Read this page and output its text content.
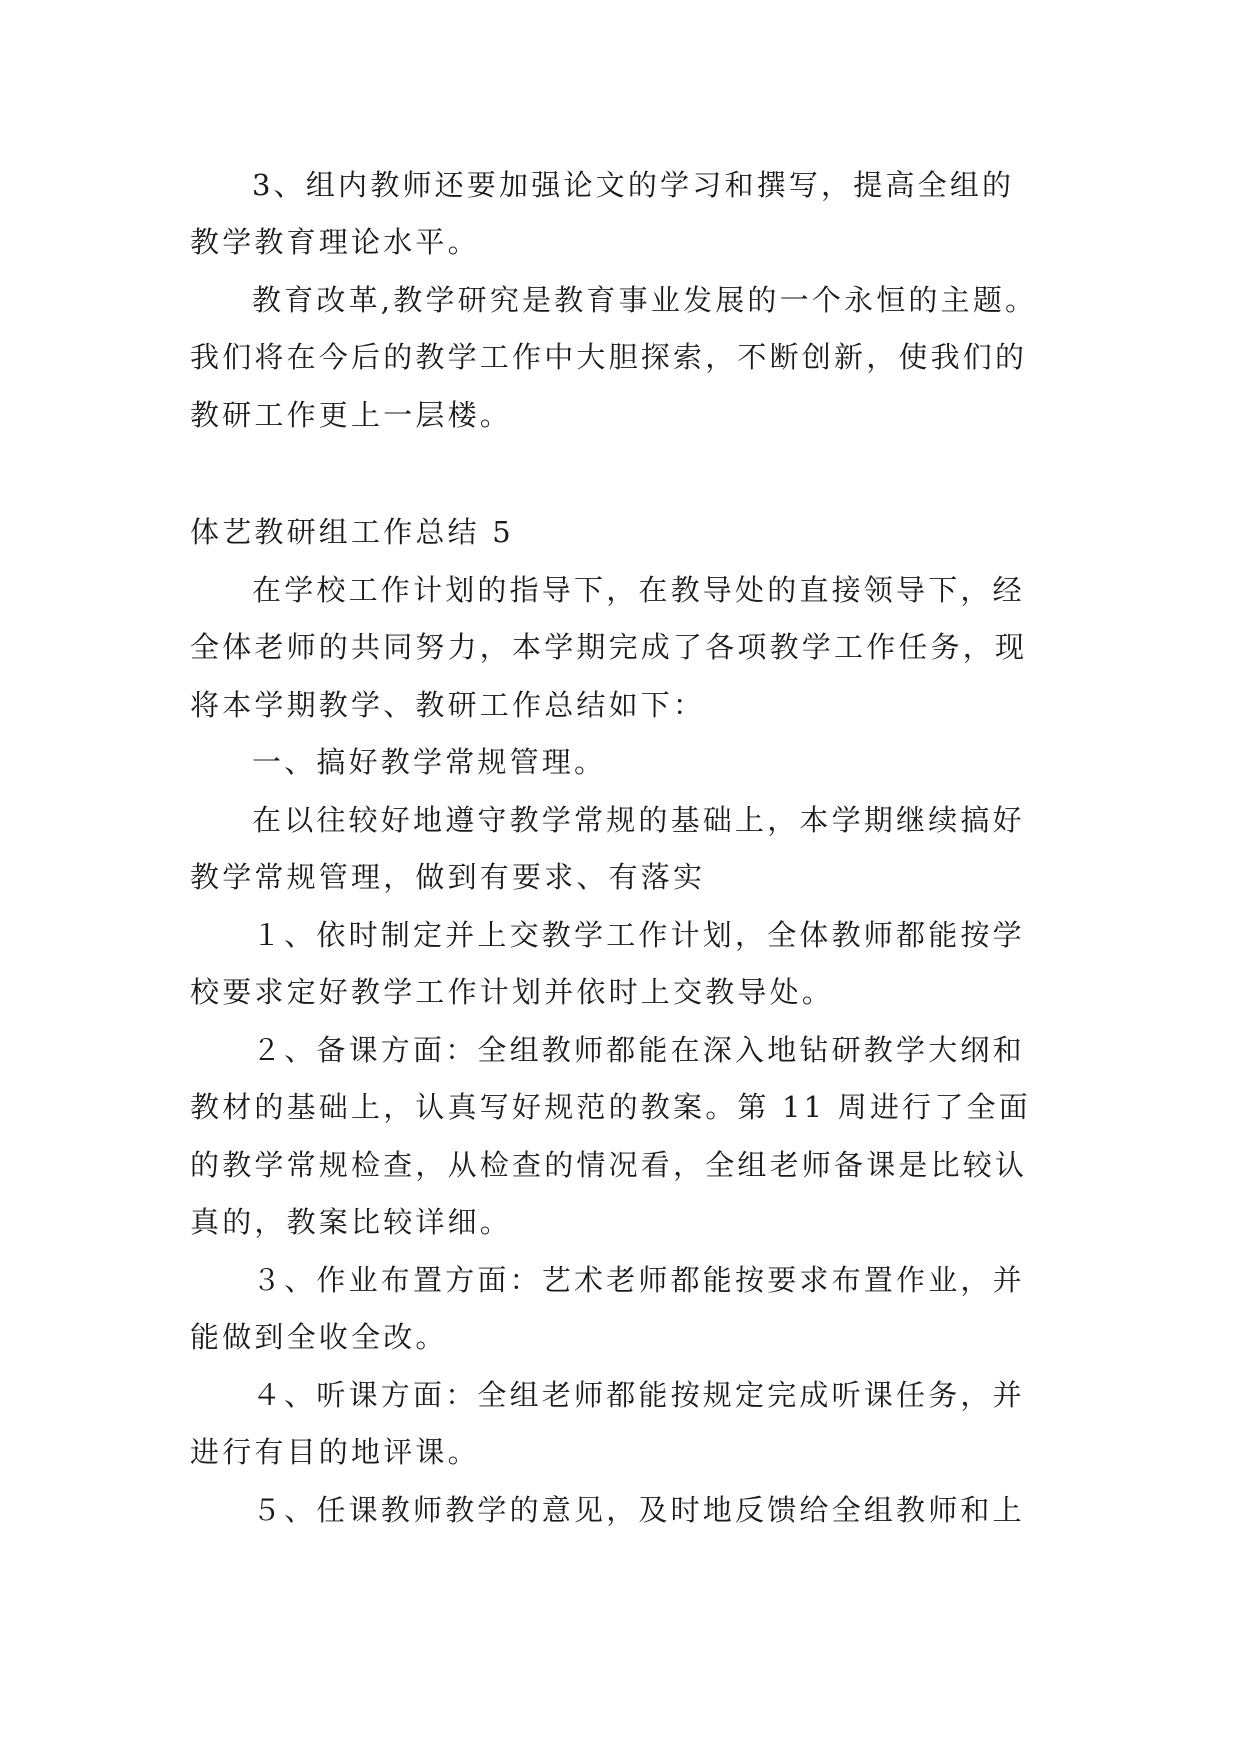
3、组内教师还要加强论文的学习和撰写，提高全组的

教学教育理论水平。

教育改革,教学研究是教育事业发展的一个永恒的主题。

我们将在今后的教学工作中大胆探索，不断创新，使我们的

教研工作更上一层楼。

体艺教研组工作总结 5

在学校工作计划的指导下，在教导处的直接领导下，经

全体老师的共同努力，本学期完成了各项教学工作任务，现

将本学期教学、教研工作总结如下：

一、搞好教学常规管理。

在以往较好地遵守教学常规的基础上，本学期继续搞好

教学常规管理，做到有要求、有落实

１、依时制定并上交教学工作计划，全体教师都能按学

校要求定好教学工作计划并依时上交教导处。

２、备课方面：全组教师都能在深入地钻研教学大纲和

教材的基础上，认真写好规范的教案。第 11 周进行了全面

的教学常规检查，从检查的情况看，全组老师备课是比较认

真的，教案比较详细。

３、作业布置方面：艺术老师都能按要求布置作业，并

能做到全收全改。

４、听课方面：全组老师都能按规定完成听课任务，并

进行有目的地评课。

５、任课教师教学的意见，及时地反馈给全组教师和上
